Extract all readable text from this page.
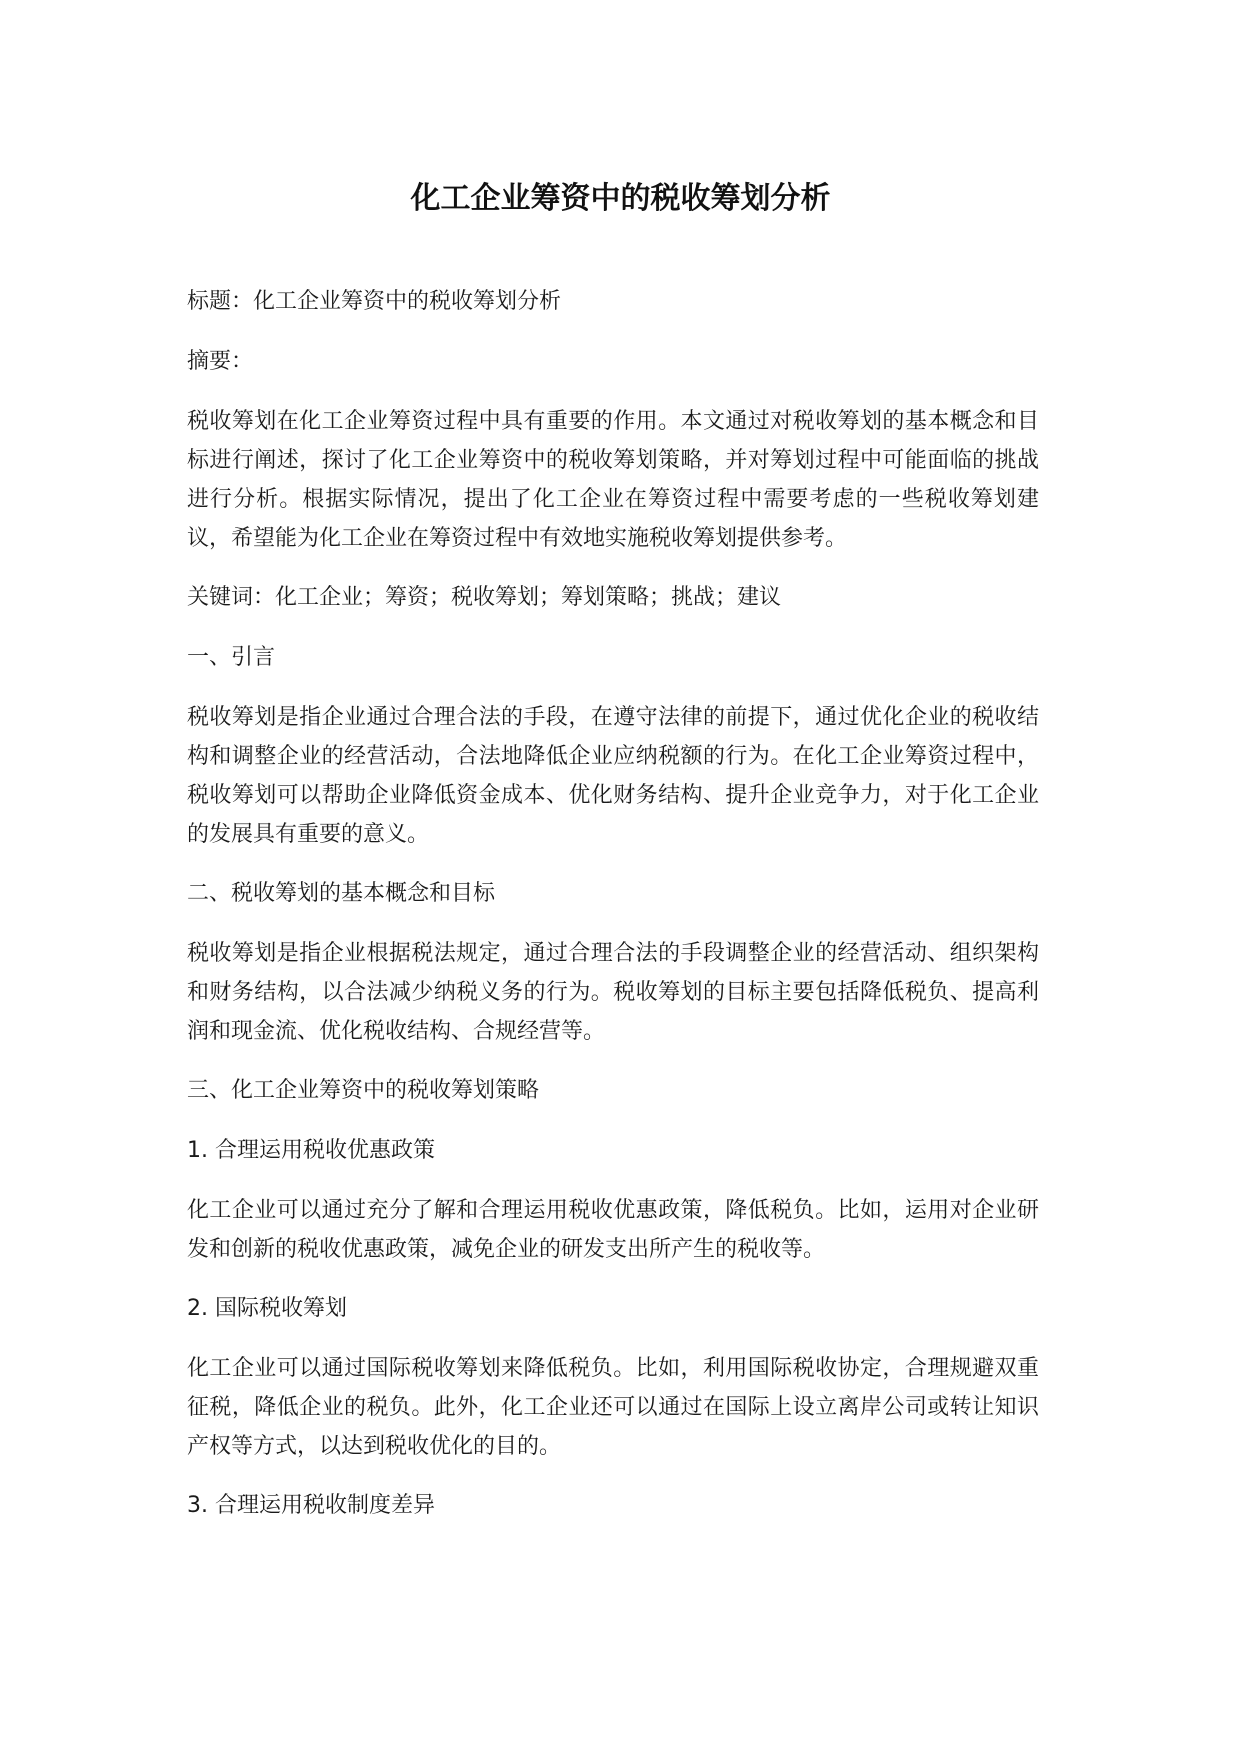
化工企业筹资中的税收筹划分析

标题：化工企业筹资中的税收筹划分析

摘要：

税收筹划在化工企业筹资过程中具有重要的作用。本文通过对税收筹划的基本概念和目标进行阐述，探讨了化工企业筹资中的税收筹划策略，并对筹划过程中可能面临的挑战进行分析。根据实际情况，提出了化工企业在筹资过程中需要考虑的一些税收筹划建议，希望能为化工企业在筹资过程中有效地实施税收筹划提供参考。

关键词：化工企业；筹资；税收筹划；筹划策略；挑战；建议

一、引言

税收筹划是指企业通过合理合法的手段，在遵守法律的前提下，通过优化企业的税收结构和调整企业的经营活动，合法地降低企业应纳税额的行为。在化工企业筹资过程中，税收筹划可以帮助企业降低资金成本、优化财务结构、提升企业竞争力，对于化工企业的发展具有重要的意义。

二、税收筹划的基本概念和目标

税收筹划是指企业根据税法规定，通过合理合法的手段调整企业的经营活动、组织架构和财务结构，以合法减少纳税义务的行为。税收筹划的目标主要包括降低税负、提高利润和现金流、优化税收结构、合规经营等。

三、化工企业筹资中的税收筹划策略

1. 合理运用税收优惠政策

化工企业可以通过充分了解和合理运用税收优惠政策，降低税负。比如，运用对企业研发和创新的税收优惠政策，减免企业的研发支出所产生的税收等。

2. 国际税收筹划

化工企业可以通过国际税收筹划来降低税负。比如，利用国际税收协定，合理规避双重征税，降低企业的税负。此外，化工企业还可以通过在国际上设立离岸公司或转让知识产权等方式，以达到税收优化的目的。

3. 合理运用税收制度差异
